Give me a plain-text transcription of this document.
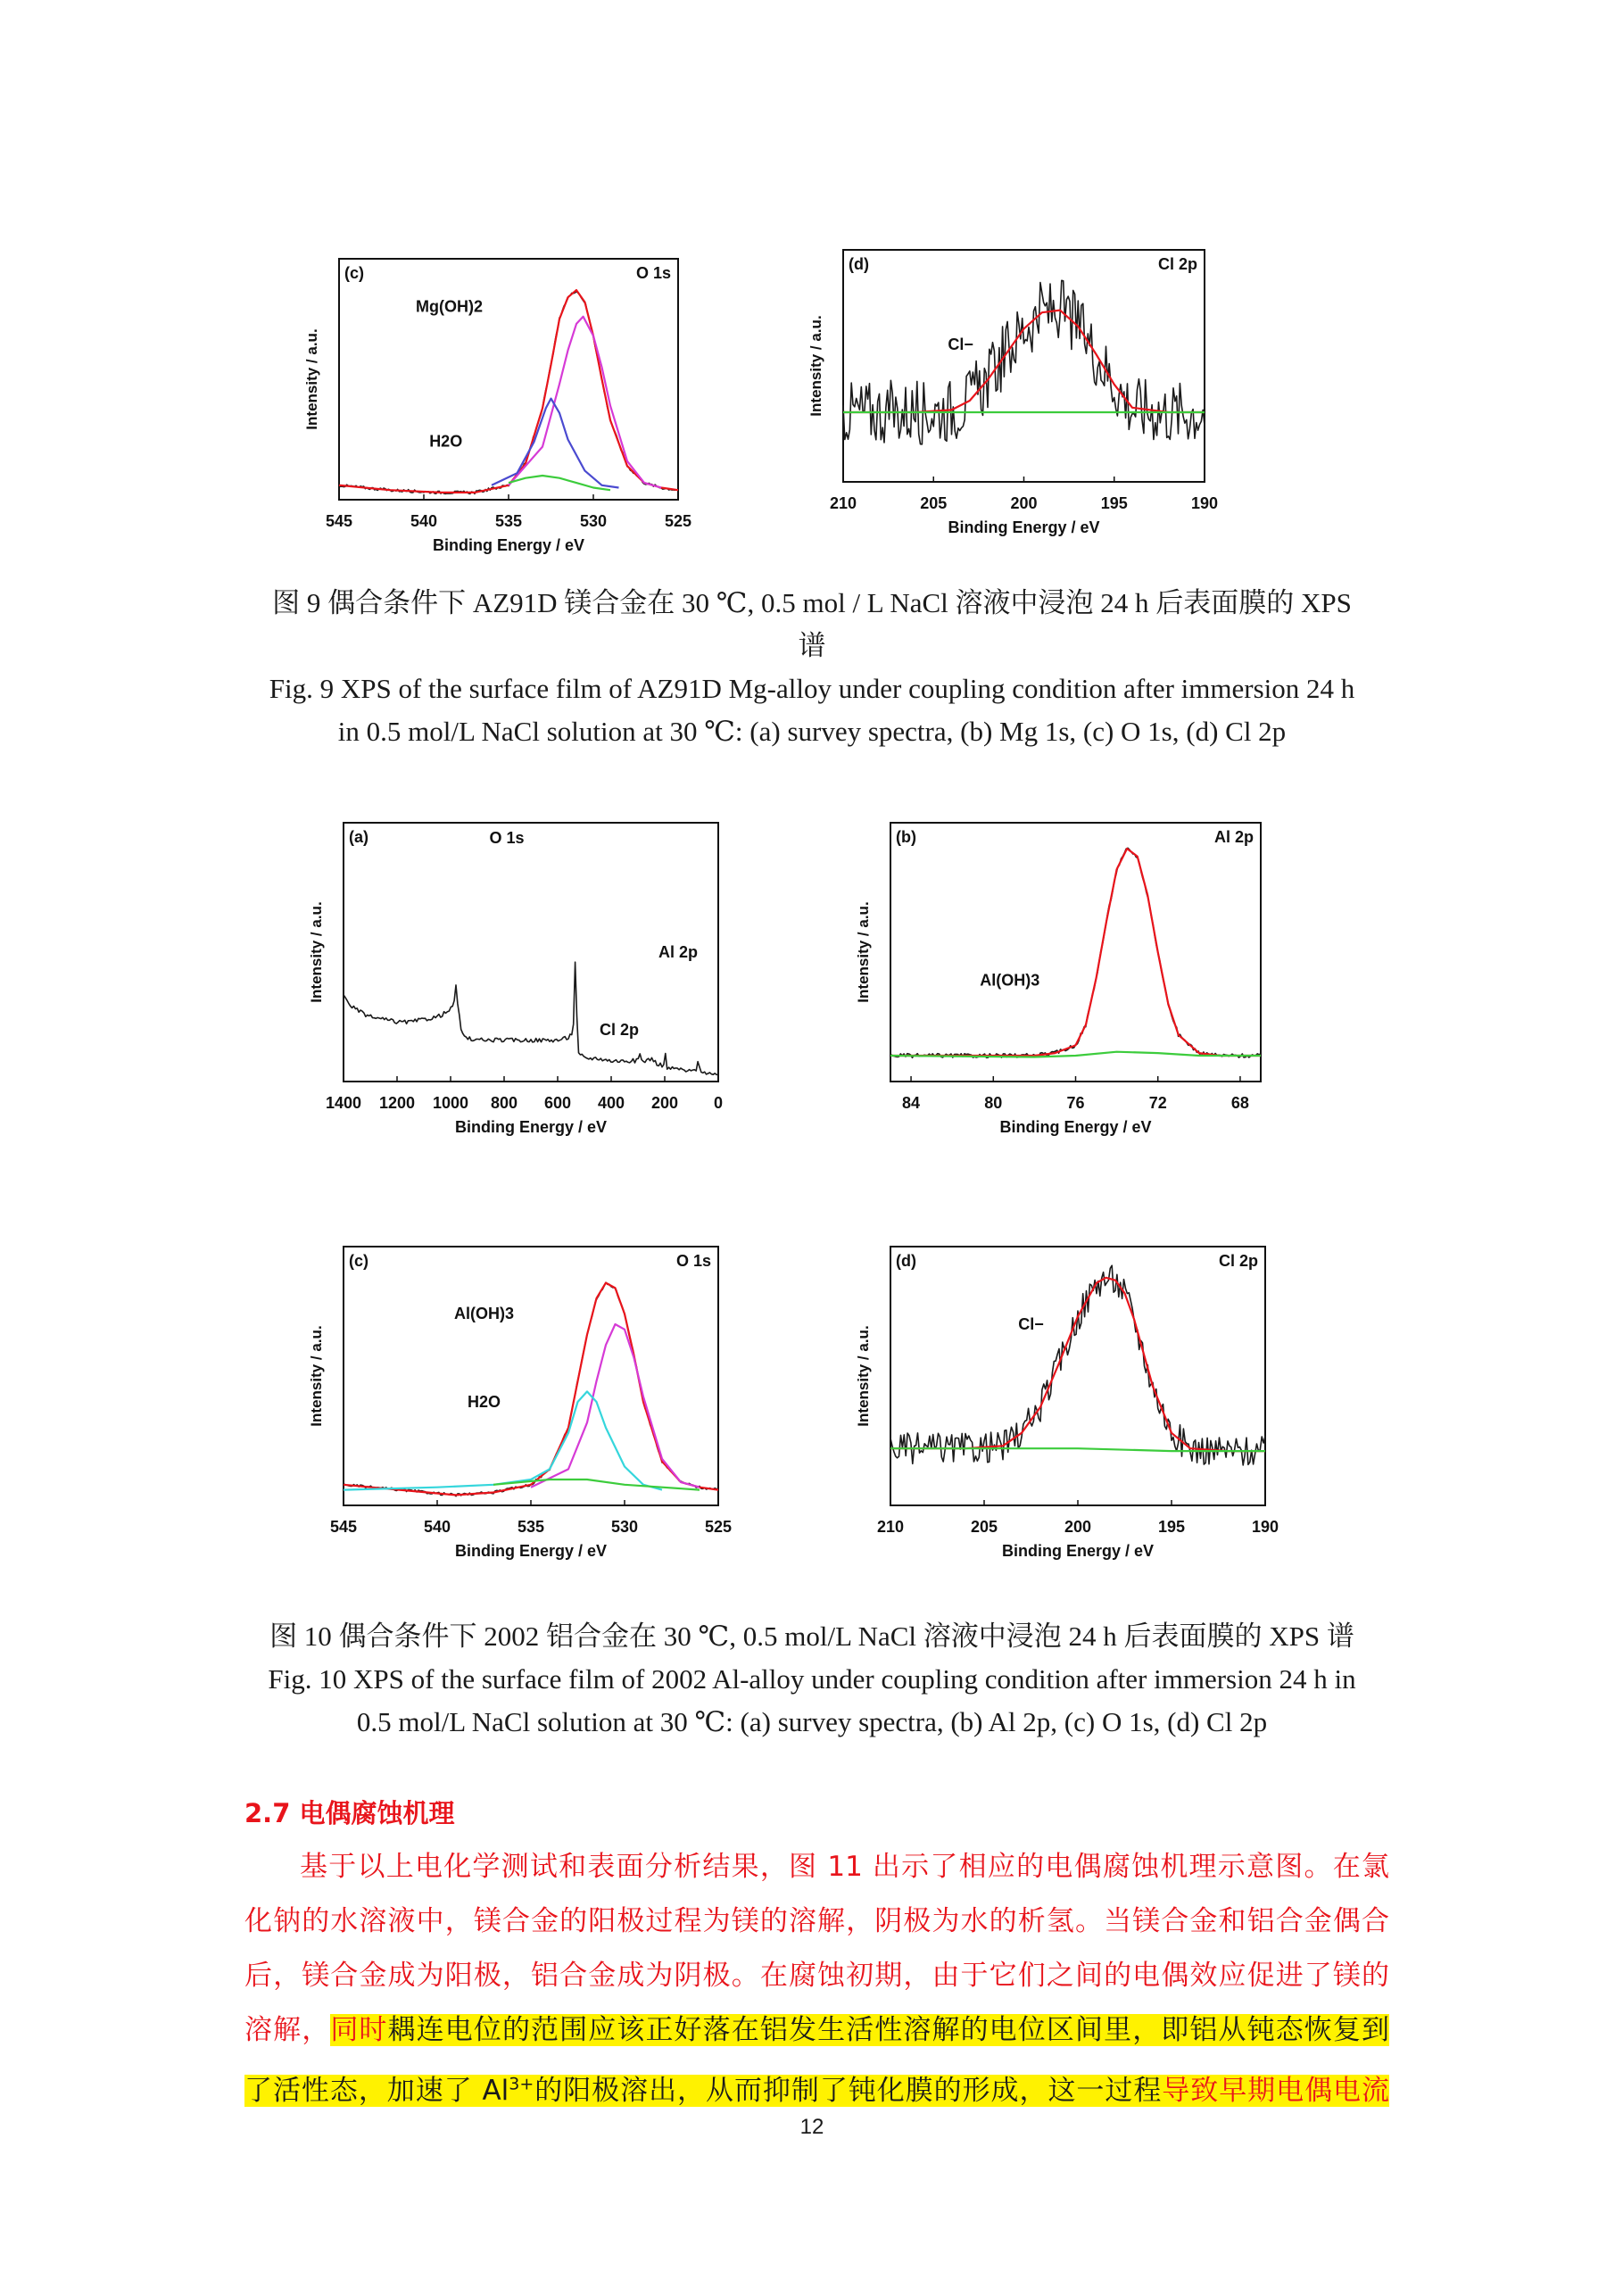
545	540	535	530	525
Binding Energy / eV
Intensity / a.u.
(c)	O 1s
Mg(OH)2
H2O
210	205	200	195	190
Binding Energy / eV
Intensity / a.u.
(d)	Cl 2p
Cl−
图 9 偶合条件下 AZ91D 镁合金在 30 ℃, 0.5 mol / L NaCl 溶液中浸泡 24 h 后表面膜的 XPS
谱
Fig. 9 XPS of the surface film of AZ91D Mg-alloy under coupling condition after immersion 24 h
in 0.5 mol/L NaCl solution at 30 ℃: (a) survey spectra, (b) Mg 1s, (c) O 1s, (d) Cl 2p
1400 1200 1000 800 600 400 200 0
Binding Energy / eV
Intensity / a.u.
(a)	O 1s
Al 2p
Cl 2p
84	80	76	72	68
Binding Energy / eV
Intensity / a.u.
(b)	Al 2p
Al(OH)3
545	540	535	530	525
Binding Energy / eV
Intensity / a.u.
(c)	O 1s
Al(OH)3
H2O
210	205	200	195	190
Binding Energy / eV
Intensity / a.u.
(d)	Cl 2p
Cl−
图 10 偶合条件下 2002 铝合金在 30 ℃, 0.5 mol/L NaCl 溶液中浸泡 24 h 后表面膜的 XPS 谱
Fig. 10 XPS of the surface film of 2002 Al-alloy under coupling condition after immersion 24 h in
0.5 mol/L NaCl solution at 30 ℃: (a) survey spectra, (b) Al 2p, (c) O 1s, (d) Cl 2p
2.7 电偶腐蚀机理
基于以上电化学测试和表面分析结果，图 11 出示了相应的电偶腐蚀机理示意图。在氯
化钠的水溶液中，镁合金的阳极过程为镁的溶解，阴极为水的析氢。当镁合金和铝合金偶合
后，镁合金成为阳极，铝合金成为阴极。在腐蚀初期，由于它们之间的电偶效应促进了镁的
溶解，同时耦连电位的范围应该正好落在铝发生活性溶解的电位区间里，即铝从钝态恢复到
了活性态，加速了 $Al^{3+}$的阳极溶出，从而抑制了钝化膜的形成，这一过程导致早期电偶电流
12
